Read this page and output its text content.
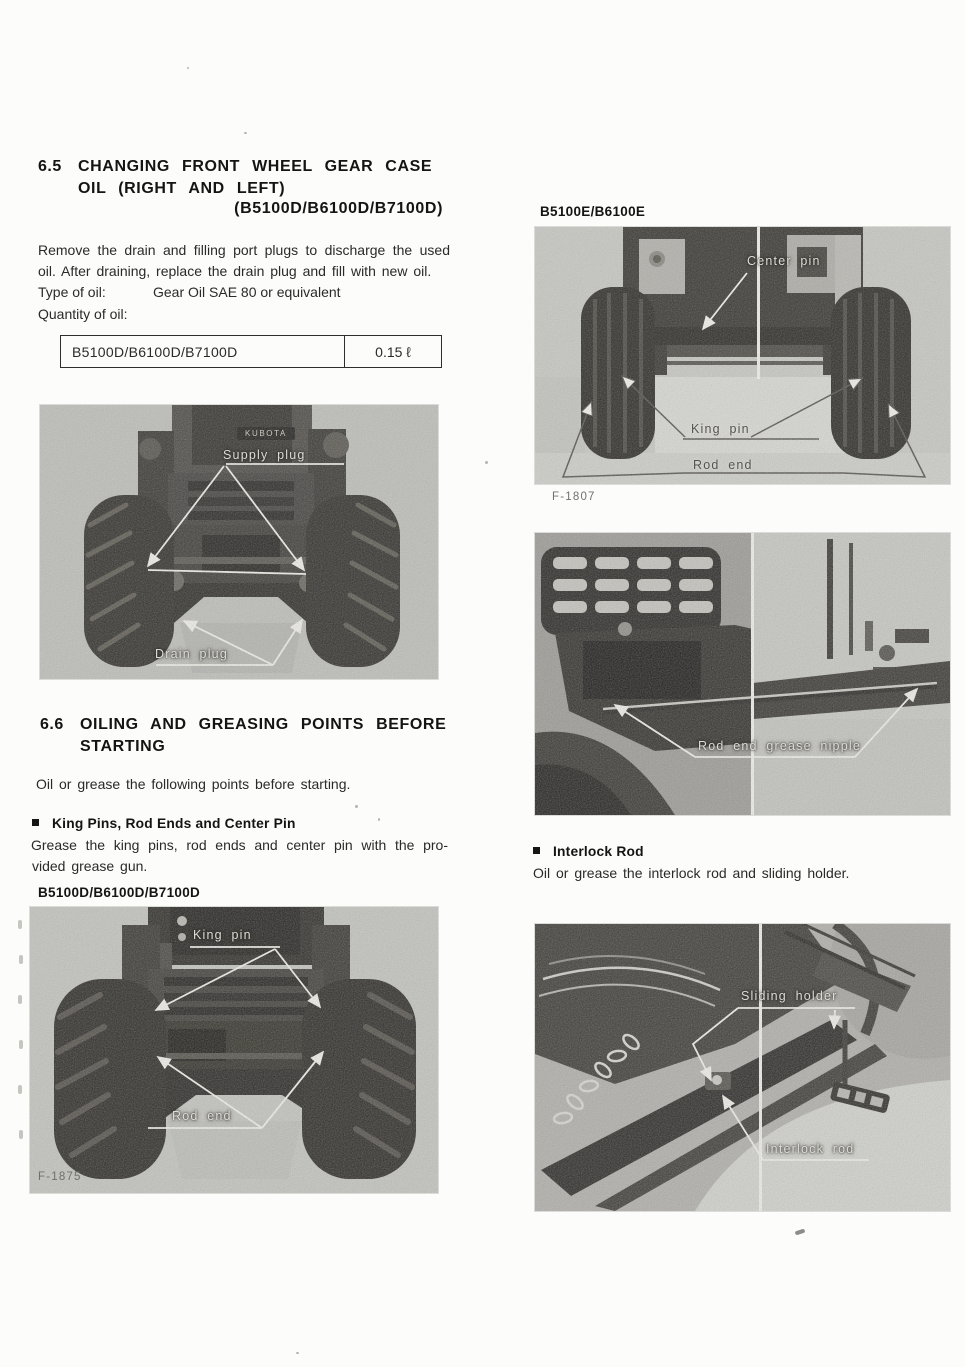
6.5 CHANGING FRONT WHEEL GEAR CASE
OIL (RIGHT AND LEFT)
(B5100D/B6100D/B7100D)
Remove the drain and filling port plugs to discharge the used
oil. After draining, replace the drain plug and fill with new oil.
Type of oil:	Gear Oil SAE 80 or equivalent
Quantity of oil:
B5100D/B6100D/B7100D	0.15 ℓ
KUBOTA
Supply plug
Drain plug
6.6 OILING AND GREASING POINTS BEFORE
STARTING
Oil or grease the following points before starting.
King Pins, Rod Ends and Center Pin
Grease the king pins, rod ends and center pin with the pro-
vided grease gun.
B5100D/B6100D/B7100D
King pin
Rod end
F-1875
B5100E/B6100E
Center pin
King pin
Rod end
F-1807
Rod end grease nipple
Interlock Rod
Oil or grease the interlock rod and sliding holder.
Sliding holder
Interlock rod
